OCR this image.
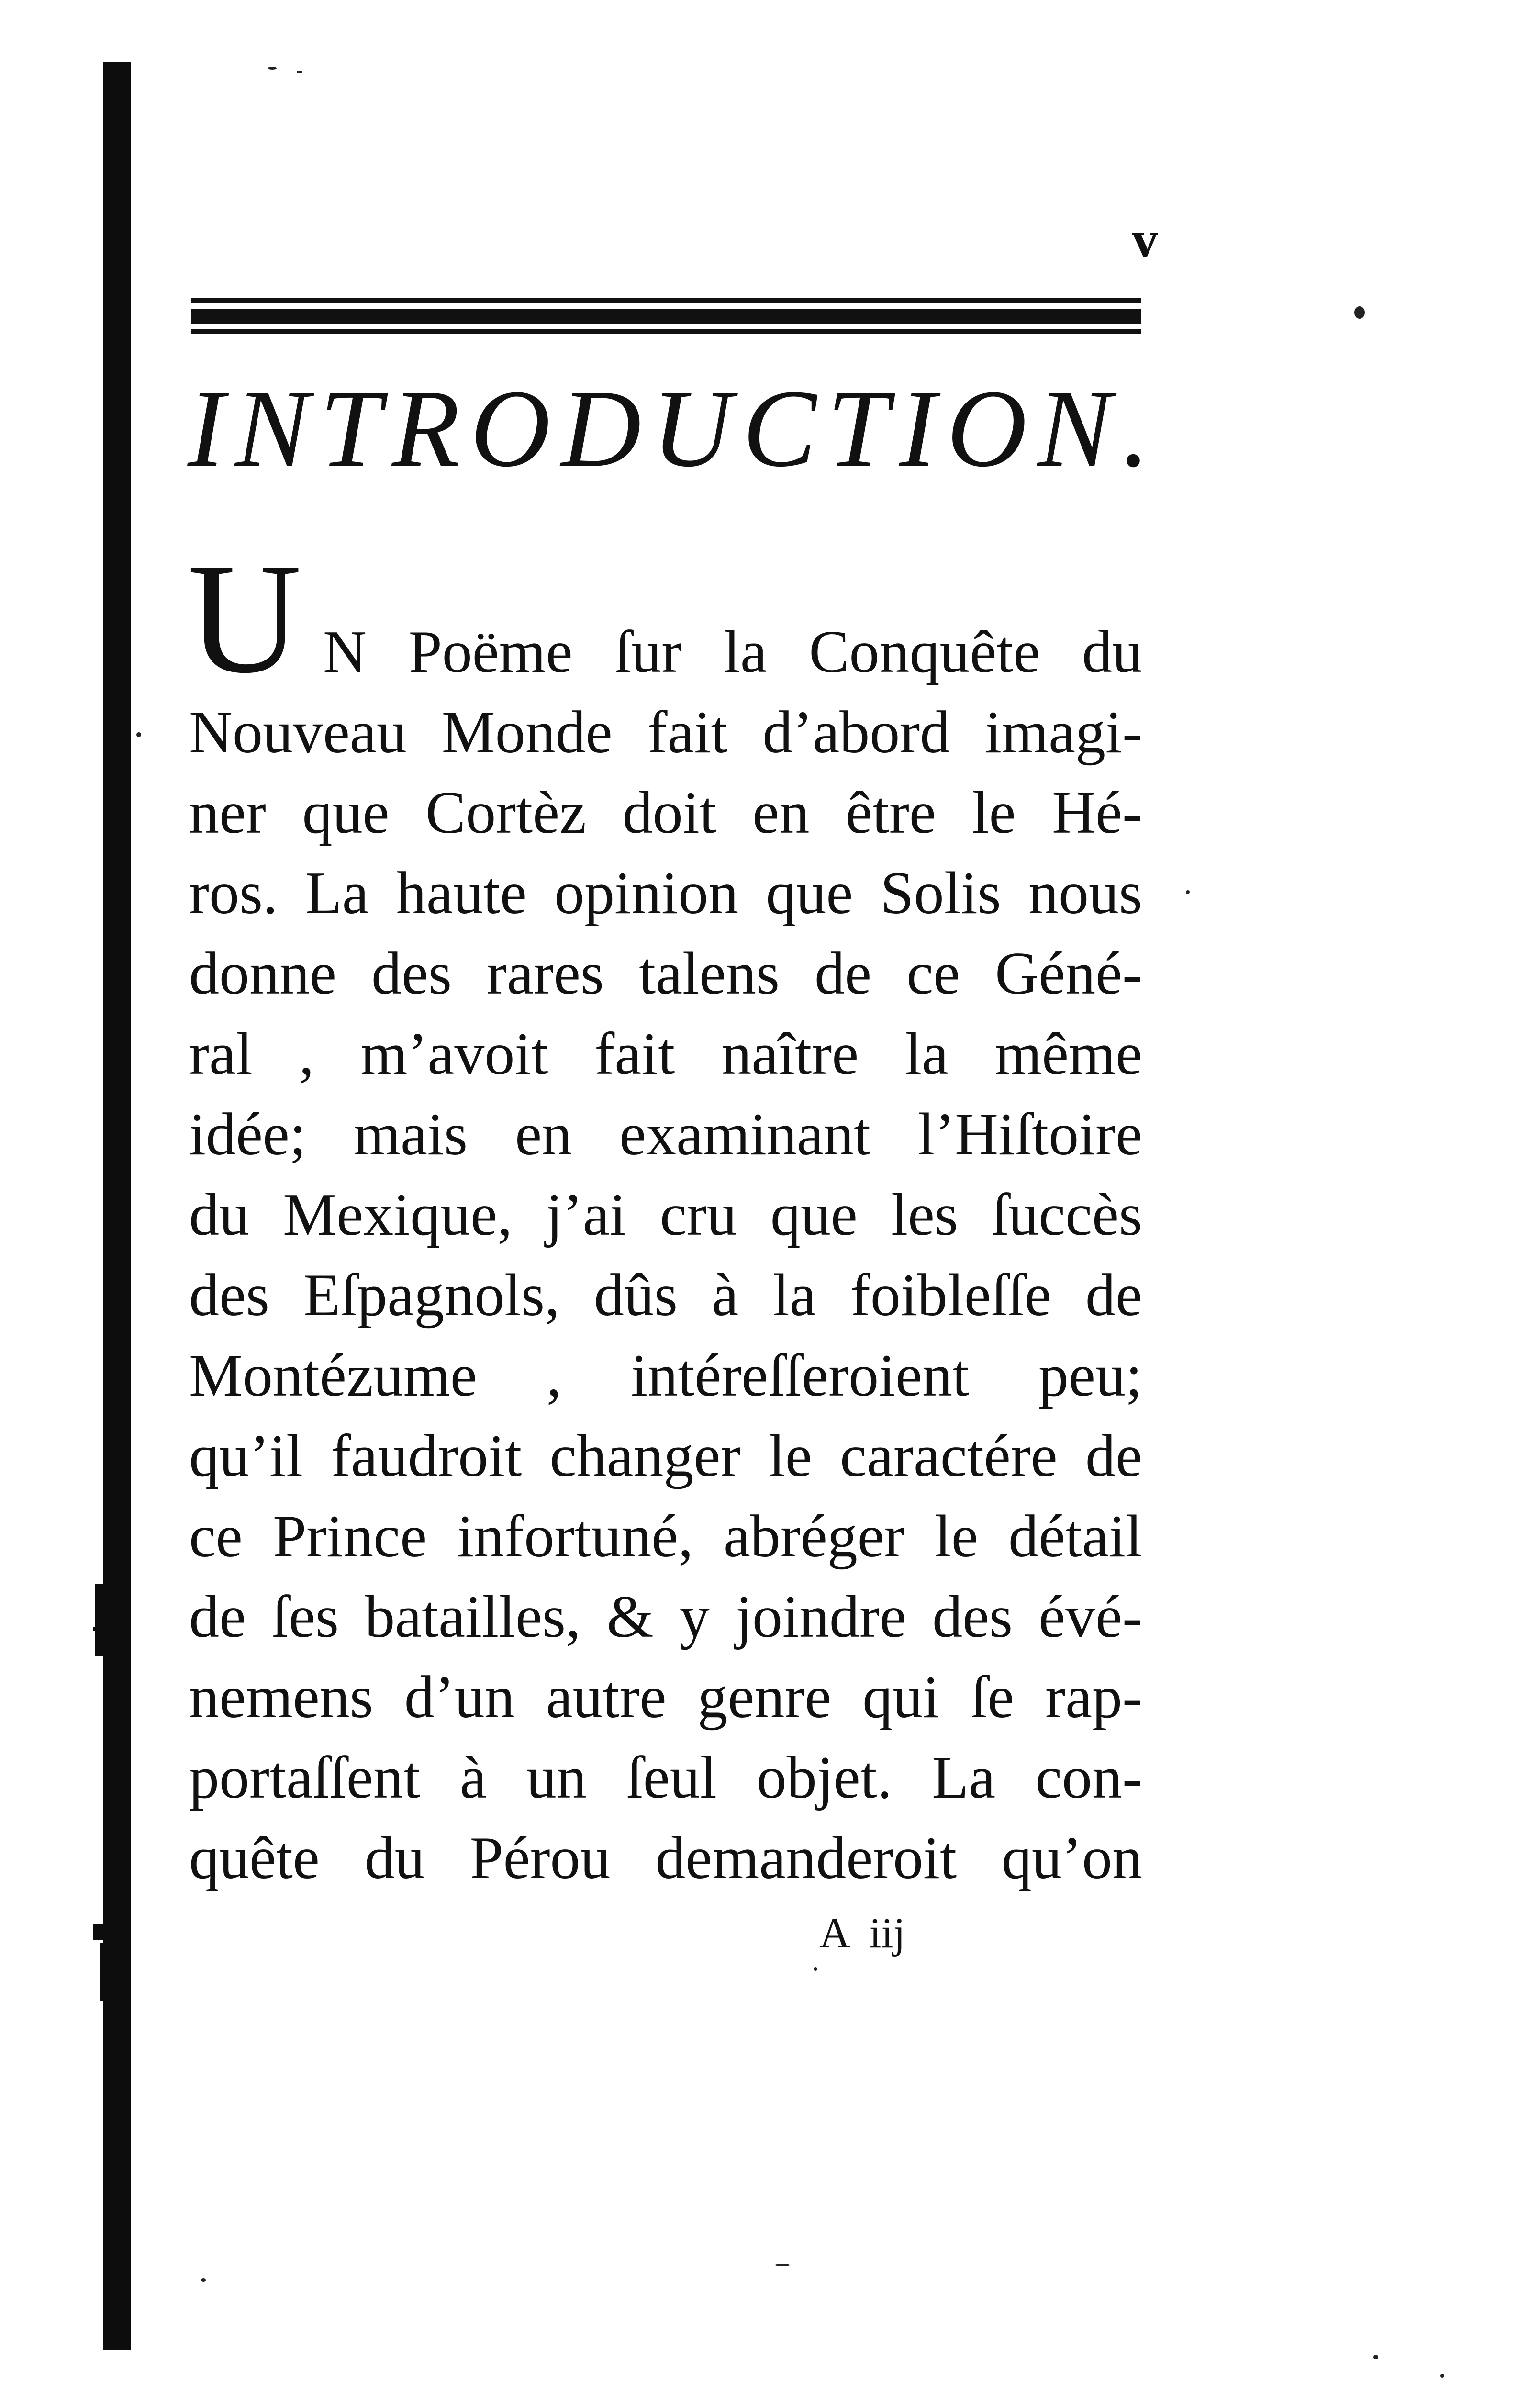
v
INTRODUCTION.
U N Poëme ſur la Conquête du
Nouveau Monde fait d’abord imagi-
ner que Cortèz doit en être le Hé-
ros. La haute opinion que Solis nous
donne des rares talens de ce Géné-
ral , m’avoit fait naître la même
idée; mais en examinant l’Hiſtoire
du Mexique, j’ai cru que les ſuccès
des Eſpagnols, dûs à la foibleſſe de
Montézume , intéreſſeroient peu;
qu’il faudroit changer le caractére de
ce Prince infortuné, abréger le détail
de ſes batailles, & y joindre des évé-
nemens d’un autre genre qui ſe rap-
portaſſent à un ſeul objet. La con-
quête du Pérou demanderoit qu’on
A iij
